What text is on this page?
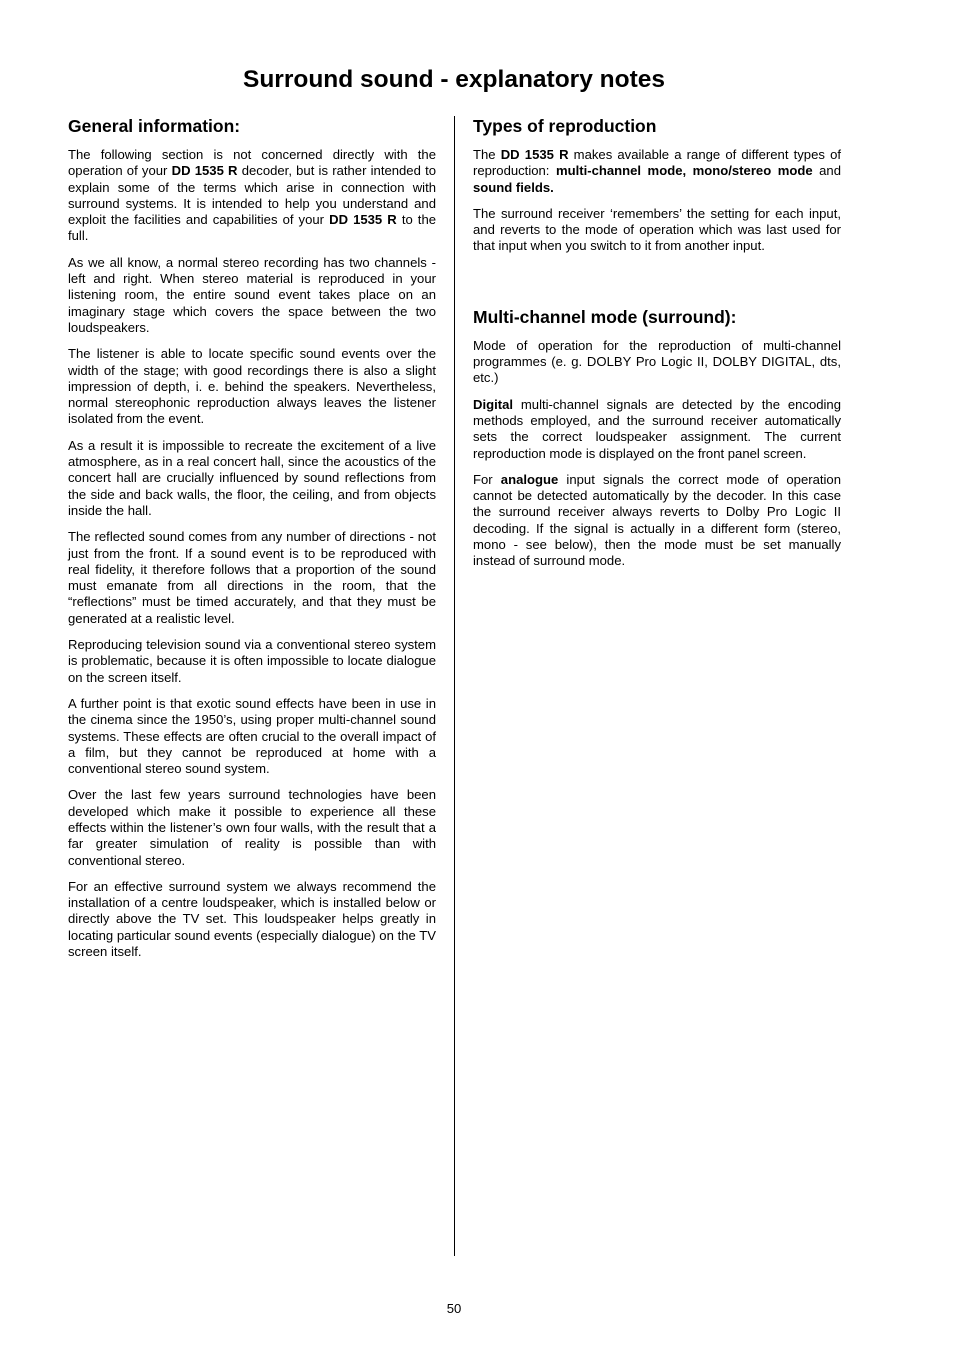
Surround sound - explanatory notes
General information:

The following section is not concerned directly with the operation of your DD 1535 R decoder, but is rather intended to explain some of the terms which arise in connection with surround systems. It is intended to help you understand and exploit the facilities and capabilities of your DD 1535 R to the full.

As we all know, a normal stereo recording has two channels - left and right. When stereo material is reproduced in your listening room, the entire sound event takes place on an imaginary stage which covers the space between the two loudspeakers.

The listener is able to locate specific sound events over the width of the stage; with good recordings there is also a slight impression of depth, i. e. behind the speakers. Nevertheless, normal stereophonic reproduction always leaves the listener isolated from the event.

As a result it is impossible to recreate the excitement of a live atmosphere, as in a real concert hall, since the acoustics of the concert hall are crucially influenced by sound reflections from the side and back walls, the floor, the ceiling, and from objects inside the hall.

The reflected sound comes from any number of directions - not just from the front. If a sound event is to be reproduced with real fidelity, it therefore follows that a proportion of the sound must emanate from all directions in the room, that the “reflections” must be timed accurately, and that they must be generated at a realistic level.

Reproducing television sound via a conventional stereo system is problematic, because it is often impossible to locate dialogue on the screen itself.

A further point is that exotic sound effects have been in use in the cinema since the 1950’s, using proper multi-channel sound systems. These effects are often crucial to the overall impact of a film, but they cannot be reproduced at home with a conventional stereo sound system.

Over the last few years surround technologies have been developed which make it possible to experience all these effects within the listener’s own four walls, with the result that a far greater simulation of reality is possible than with conventional stereo.

For an effective surround system we always recommend the installation of a centre loudspeaker, which is installed below or directly above the TV set. This loudspeaker helps greatly in locating particular sound events (especially dialogue) on the TV screen itself.

Types of reproduction

The DD 1535 R makes available a range of different types of reproduction: multi-channel mode, mono/stereo mode and sound fields.

The surround receiver ‘remembers’ the setting for each input, and reverts to the mode of operation which was last used for that input when you switch to it from another input.

Multi-channel mode (surround):

Mode of operation for the reproduction of multi-channel programmes (e. g. DOLBY Pro Logic II, DOLBY DIGITAL, dts, etc.)

Digital multi-channel signals are detected by the encoding methods employed, and the surround receiver automatically sets the correct loudspeaker assignment. The current reproduction mode is displayed on the front panel screen.

For analogue input signals the correct mode of operation cannot be detected automatically by the decoder. In this case the surround receiver always reverts to Dolby Pro Logic II decoding. If the signal is actually in a different form (stereo, mono - see below), then the mode must be set manually instead of surround mode.

50
